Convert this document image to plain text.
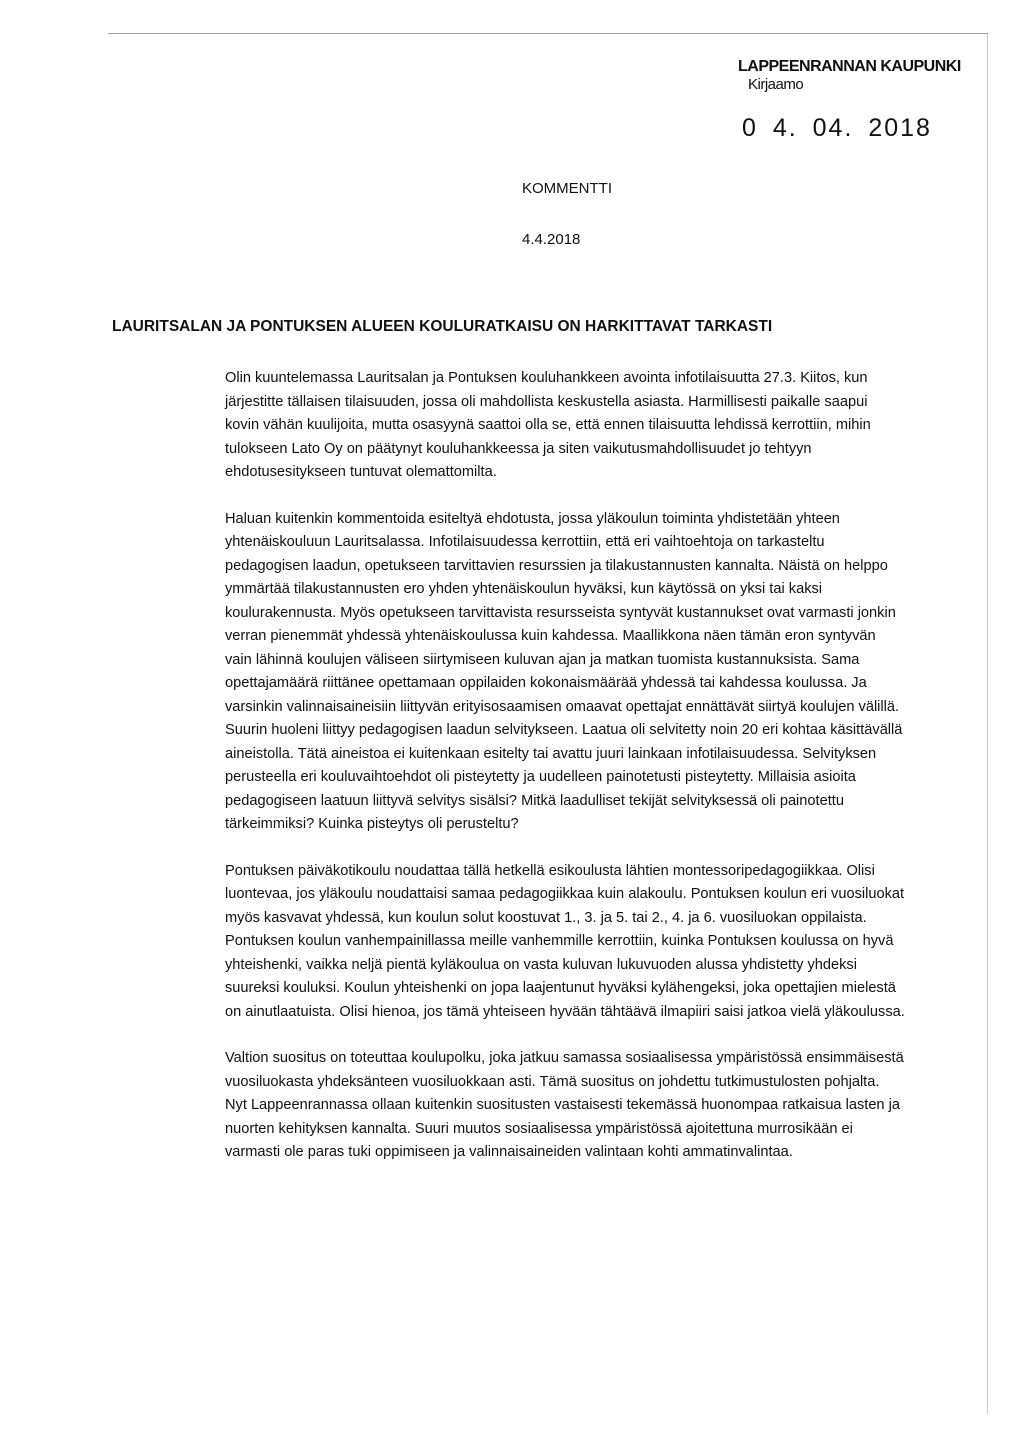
LAPPEENRANNAN KAUPUNKI
Kirjaamo
0 4. 04. 2018
KOMMENTTI
4.4.2018
LAURITSALAN JA PONTUKSEN ALUEEN KOULURATKAISU ON HARKITTAVAT TARKASTI

Olin kuuntelemassa Lauritsalan ja Pontuksen kouluhankkeen avointa infotilaisuutta 27.3. Kiitos, kun järjestitte tällaisen tilaisuuden, jossa oli mahdollista keskustella asiasta. Harmillisesti paikalle saapui kovin vähän kuulijoita, mutta osasyynä saattoi olla se, että ennen tilaisuutta lehdissä kerrottiin, mihin tulokseen Lato Oy on päätynyt kouluhankkeessa ja siten vaikutusmahdollisuudet jo tehtyyn ehdotusesitykseen tuntuvat olemattomilta.

Haluan kuitenkin kommentoida esiteltyä ehdotusta, jossa yläkoulun toiminta yhdistetään yhteen yhtenäiskouluun Lauritsalassa. Infotilaisuudessa kerrottiin, että eri vaihtoehtoja on tarkasteltu pedagogisen laadun, opetukseen tarvittavien resurssien ja tilakustannusten kannalta. Näistä on helppo ymmärtää tilakustannusten ero yhden yhtenäiskoulun hyväksi, kun käytössä on yksi tai kaksi koulurakennusta. Myös opetukseen tarvittavista resursseista syntyvät kustannukset ovat varmasti jonkin verran pienemmät yhdessä yhtenäiskoulussa kuin kahdessa. Maallikkona näen tämän eron syntyvän vain lähinnä koulujen väliseen siirtymiseen kuluvan ajan ja matkan tuomista kustannuksista. Sama opettajamäärä riittänee opettamaan oppilaiden kokonaismäärää yhdessä tai kahdessa koulussa. Ja varsinkin valinnaisaineisiin liittyvän erityisosaamisen omaavat opettajat ennättävät siirtyä koulujen välillä. Suurin huoleni liittyy pedagogisen laadun selvitykseen. Laatua oli selvitetty noin 20 eri kohtaa käsittävällä aineistolla. Tätä aineistoa ei kuitenkaan esitelty tai avattu juuri lainkaan infotilaisuudessa. Selvityksen perusteella eri kouluvaihtoehdot oli pisteytetty ja uudelleen painotetusti pisteytetty. Millaisia asioita pedagogiseen laatuun liittyvä selvitys sisälsi? Mitkä laadulliset tekijät selvityksessä oli painotettu tärkeimmiksi? Kuinka pisteytys oli perusteltu?

Pontuksen päiväkotikoulu noudattaa tällä hetkellä esikoulusta lähtien montessoripedagogiikkaa. Olisi luontevaa, jos yläkoulu noudattaisi samaa pedagogiikkaa kuin alakoulu. Pontuksen koulun eri vuosiluokat myös kasvavat yhdessä, kun koulun solut koostuvat 1., 3. ja 5. tai 2., 4. ja 6. vuosiluokan oppilaista. Pontuksen koulun vanhempainillassa meille vanhemmille kerrottiin, kuinka Pontuksen koulussa on hyvä yhteishenki, vaikka neljä pientä kyläkoulua on vasta kuluvan lukuvuoden alussa yhdistetty yhdeksi suureksi kouluksi. Koulun yhteishenki on jopa laajentunut hyväksi kylähengeksi, joka opettajien mielestä on ainutlaatuista. Olisi hienoa, jos tämä yhteiseen hyvään tähtäävä ilmapiiri saisi jatkoa vielä yläkoulussa.

Valtion suositus on toteuttaa koulupolku, joka jatkuu samassa sosiaalisessa ympäristössä ensimmäisestä vuosiluokasta yhdeksänteen vuosiluokkaan asti. Tämä suositus on johdettu tutkimustulosten pohjalta. Nyt Lappeenrannassa ollaan kuitenkin suositusten vastaisesti tekemässä huonompaa ratkaisua lasten ja nuorten kehityksen kannalta. Suuri muutos sosiaalisessa ympäristössä ajoitettuna murrosikään ei varmasti ole paras tuki oppimiseen ja valinnaisaineiden valintaan kohti ammatinvalintaa.
